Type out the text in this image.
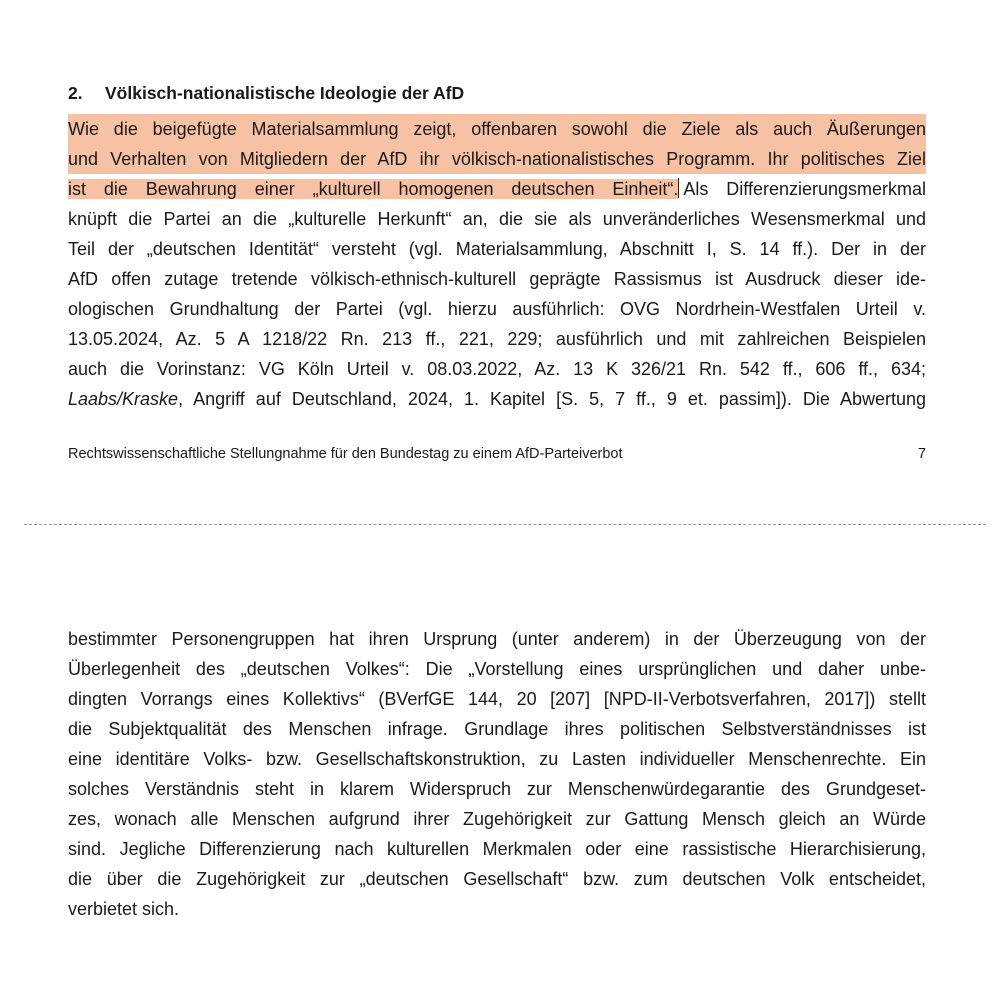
2. Völkisch-nationalistische Ideologie der AfD
Wie die beigefügte Materialsammlung zeigt, offenbaren sowohl die Ziele als auch Äußerungen
und Verhalten von Mitgliedern der AfD ihr völkisch-nationalistisches Programm. Ihr politisches Ziel
ist die Bewahrung einer „kulturell homogenen deutschen Einheit“. Als Differenzierungsmerkmal
knüpft die Partei an die „kulturelle Herkunft“ an, die sie als unveränderliches Wesensmerkmal und
Teil der „deutschen Identität“ versteht (vgl. Materialsammlung, Abschnitt I, S. 14 ff.). Der in der
AfD offen zutage tretende völkisch-ethnisch-kulturell geprägte Rassismus ist Ausdruck dieser ide-
ologischen Grundhaltung der Partei (vgl. hierzu ausführlich: OVG Nordrhein-Westfalen Urteil v.
13.05.2024, Az. 5 A 1218/22 Rn. 213 ff., 221, 229; ausführlich und mit zahlreichen Beispielen
auch die Vorinstanz: VG Köln Urteil v. 08.03.2022, Az. 13 K 326/21 Rn. 542 ff., 606 ff., 634;
Laabs/Kraske, Angriff auf Deutschland, 2024, 1. Kapitel [S. 5, 7 ff., 9 et. passim]). Die Abwertung
Rechtswissenschaftliche Stellungnahme für den Bundestag zu einem AfD-Parteiverbot	7
bestimmter Personengruppen hat ihren Ursprung (unter anderem) in der Überzeugung von der
Überlegenheit des „deutschen Volkes“: Die „Vorstellung eines ursprünglichen und daher unbe-
dingten Vorrangs eines Kollektivs“ (BVerfGE 144, 20 [207] [NPD-II-Verbotsverfahren, 2017]) stellt
die Subjektqualität des Menschen infrage. Grundlage ihres politischen Selbstverständnisses ist
eine identitäre Volks- bzw. Gesellschaftskonstruktion, zu Lasten individueller Menschenrechte. Ein
solches Verständnis steht in klarem Widerspruch zur Menschenwürdegarantie des Grundgeset-
zes, wonach alle Menschen aufgrund ihrer Zugehörigkeit zur Gattung Mensch gleich an Würde
sind. Jegliche Differenzierung nach kulturellen Merkmalen oder eine rassistische Hierarchisierung,
die über die Zugehörigkeit zur „deutschen Gesellschaft“ bzw. zum deutschen Volk entscheidet,
verbietet sich.
